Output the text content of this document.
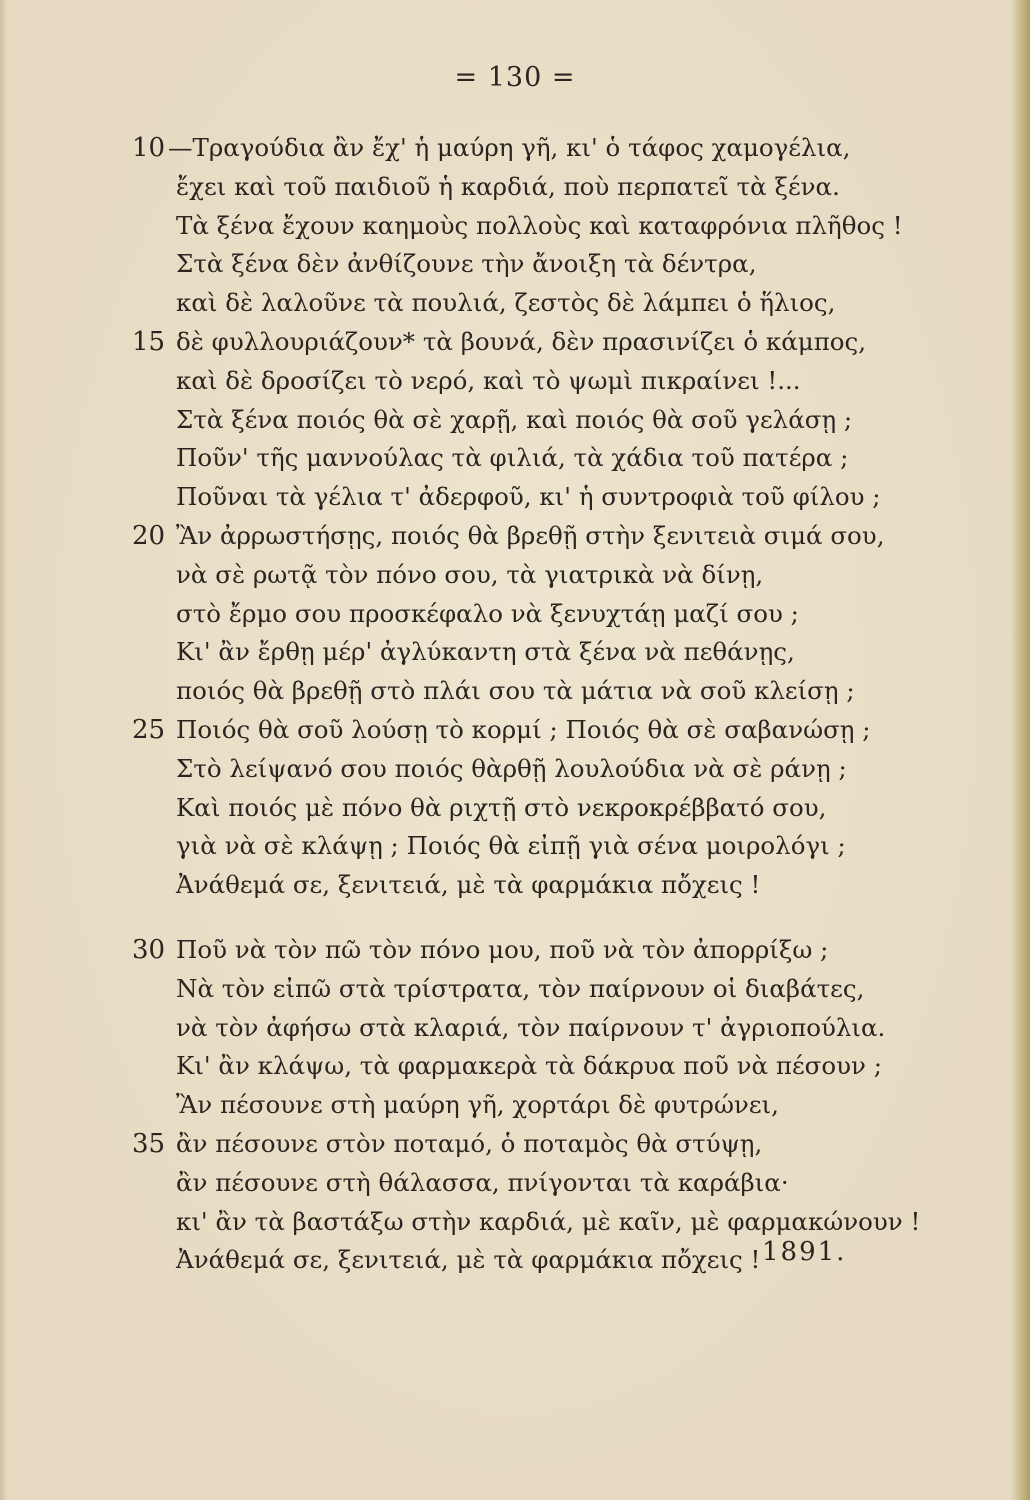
= 130 =
10 —Τραγούδια ἂν ἔχ' ἡ μαύρη γῆ, κι' ὁ τάφος χαμογέλια,
ἔχει καὶ τοῦ παιδιοῦ ἡ καρδιά, ποὺ περπατεῖ τὰ ξένα.
Τὰ ξένα ἔχουν καημοὺς πολλοὺς καὶ καταφρόνια πλῆθος !
Στὰ ξένα δὲν ἀνθίζουνε τὴν ἄνοιξη τὰ δέντρα,
καὶ δὲ λαλοῦνε τὰ πουλιά, ζεστὸς δὲ λάμπει ὁ ἥλιος,
15 δὲ φυλλουριάζουν* τὰ βουνά, δὲν πρασινίζει ὁ κάμπος,
καὶ δὲ δροσίζει τὸ νερό, καὶ τὸ ψωμὶ πικραίνει !...
Στὰ ξένα ποιός θὰ σὲ χαρῇ, καὶ ποιός θὰ σοῦ γελάσῃ ;
Ποῦν' τῆς μαννούλας τὰ φιλιά, τὰ χάδια τοῦ πατέρα ;
Ποῦναι τὰ γέλια τ' ἀδερφοῦ, κι' ἡ συντροφιὰ τοῦ φίλου ;
20 Ἂν ἀρρωστήσῃς, ποιός θὰ βρεθῇ στὴν ξενιτειὰ σιμά σου,
νὰ σὲ ρωτᾷ τὸν πόνο σου, τὰ γιατρικὰ νὰ δίνῃ,
στὸ ἔρμο σου προσκέφαλο νὰ ξενυχτάῃ μαζί σου ;
Κι' ἂν ἔρθῃ μέρ' ἀγλύκαντη στὰ ξένα νὰ πεθάνῃς,
ποιός θὰ βρεθῇ στὸ πλάι σου τὰ μάτια νὰ σοῦ κλείσῃ ;
25 Ποιός θὰ σοῦ λούσῃ τὸ κορμί ; Ποιός θὰ σὲ σαβανώσῃ ;
Στὸ λείψανό σου ποιός θὰρθῇ λουλούδια νὰ σὲ ράνῃ ;
Καὶ ποιός μὲ πόνο θὰ ριχτῇ στὸ νεκροκρέββατό σου,
γιὰ νὰ σὲ κλάψῃ ; Ποιός θὰ εἰπῇ γιὰ σένα μοιρολόγι ;
Ἀνάθεμά σε, ξενιτειά, μὲ τὰ φαρμάκια πὄχεις !
30 Ποῦ νὰ τὸν πῶ τὸν πόνο μου, ποῦ νὰ τὸν ἀπορρίξω ;
Νὰ τὸν εἰπῶ στὰ τρίστρατα, τὸν παίρνουν οἱ διαβάτες,
νὰ τὸν ἀφήσω στὰ κλαριά, τὸν παίρνουν τ' ἀγριοπούλια.
Κι' ἂν κλάψω, τὰ φαρμακερὰ τὰ δάκρυα ποῦ νὰ πέσουν ;
Ἂν πέσουνε στὴ μαύρη γῆ, χορτάρι δὲ φυτρώνει,
35 ἂν πέσουνε στὸν ποταμό, ὁ ποταμὸς θὰ στύψῃ,
ἂν πέσουνε στὴ θάλασσα, πνίγονται τὰ καράβια·
κι' ἂν τὰ βαστάξω στὴν καρδιά, μὲ καῖν, μὲ φαρμακώνουν !
Ἀνάθεμά σε, ξενιτειά, μὲ τὰ φαρμάκια πὄχεις ! 1891.
